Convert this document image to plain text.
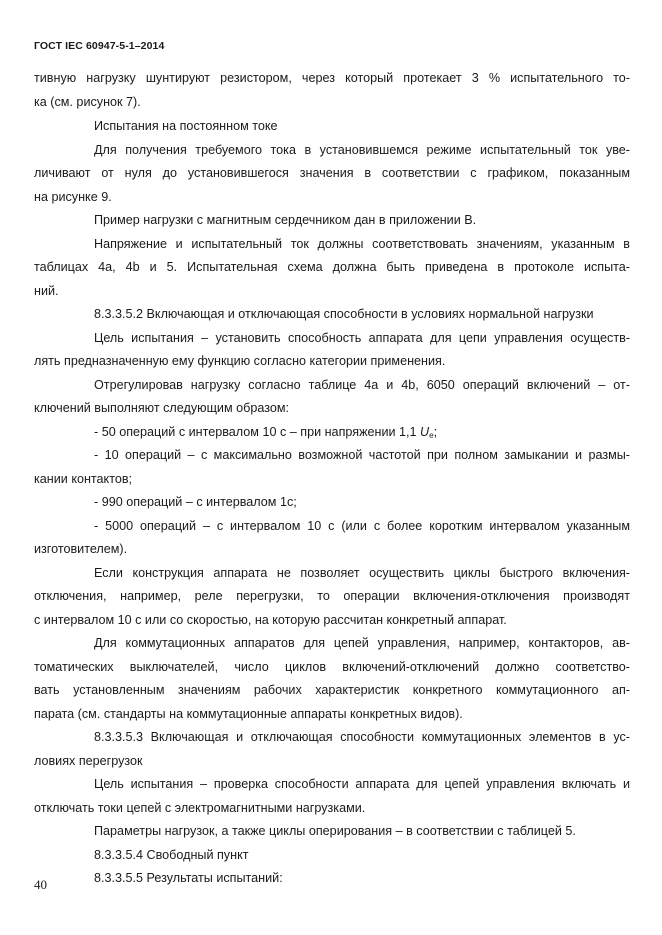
ГОСТ IEC 60947-5-1–2014
тивную нагрузку шунтируют резистором, через который протекает 3 % испытательного то-
ка (см. рисунок 7).
Испытания на постоянном токе
Для получения требуемого тока в установившемся режиме испытательный ток уве-
личивают от нуля до установившегося значения в соответствии с графиком, показанным
на рисунке 9.
Пример нагрузки с магнитным сердечником дан в приложении В.
Напряжение и испытательный ток должны соответствовать значениям, указанным в
таблицах 4a, 4b и 5. Испытательная схема должна быть приведена в протоколе испыта-
ний.
8.3.3.5.2 Включающая и отключающая способности в условиях нормальной нагрузки
Цель испытания – установить способность аппарата для цепи управления осуществ-
лять предназначенную ему функцию согласно категории применения.
Отрегулировав нагрузку согласно таблице 4a и 4b, 6050 операций включений – от-
ключений выполняют следующим образом:
- 50 операций с интервалом 10 с – при напряжении 1,1 $U_e$;
- 10 операций – с максимально возможной частотой при полном замыкании и размы-
кании контактов;
- 990 операций – с интервалом 1с;
- 5000 операций – с интервалом 10 с (или с более коротким интервалом указанным
изготовителем).
Если конструкция аппарата не позволяет осуществить циклы быстрого включения-
отключения, например, реле перегрузки, то операции включения-отключения производят
с интервалом 10 с или со скоростью, на которую рассчитан конкретный аппарат.
Для коммутационных аппаратов для цепей управления, например, контакторов, ав-
томатических выключателей, число циклов включений-отключений должно соответство-
вать установленным значениям рабочих характеристик конкретного коммутационного ап-
парата (см. стандарты на коммутационные аппараты конкретных видов).
8.3.3.5.3 Включающая и отключающая способности коммутационных элементов в ус-
ловиях перегрузок
Цель испытания – проверка способности аппарата для цепей управления включать и
отключать токи цепей с электромагнитными нагрузками.
Параметры нагрузок, а также циклы оперирования – в соответствии с таблицей 5.
8.3.3.5.4 Свободный пункт
8.3.3.5.5 Результаты испытаний:
40
